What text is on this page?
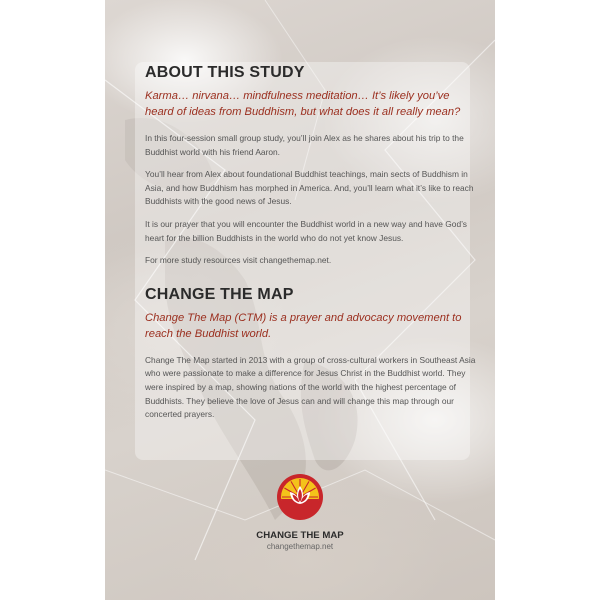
ABOUT THIS STUDY
Karma… nirvana… mindfulness meditation… It’s likely you’ve heard of ideas from Buddhism, but what does it all really mean?

In this four-session small group study, you’ll join Alex as he shares about his trip to the Buddhist world with his friend Aaron.

You’ll hear from Alex about foundational Buddhist teachings, main sects of Buddhism in Asia, and how Buddhism has morphed in America. And, you’ll learn what it’s like to reach Buddhists with the good news of Jesus.

It is our prayer that you will encounter the Buddhist world in a new way and have God’s heart for the billion Buddhists in the world who do not yet know Jesus.

For more study resources visit changethemap.net.

CHANGE THE MAP
Change The Map (CTM) is a prayer and advocacy movement to reach the Buddhist world.

Change The Map started in 2013 with a group of cross-cultural workers in Southeast Asia who were passionate to make a difference for Jesus Christ in the Buddhist world. They were inspired by a map, showing nations of the world with the highest percentage of Buddhists. They believe the love of Jesus can and will change this map through our concerted prayers.

CHANGE THE MAP
changethemap.net
